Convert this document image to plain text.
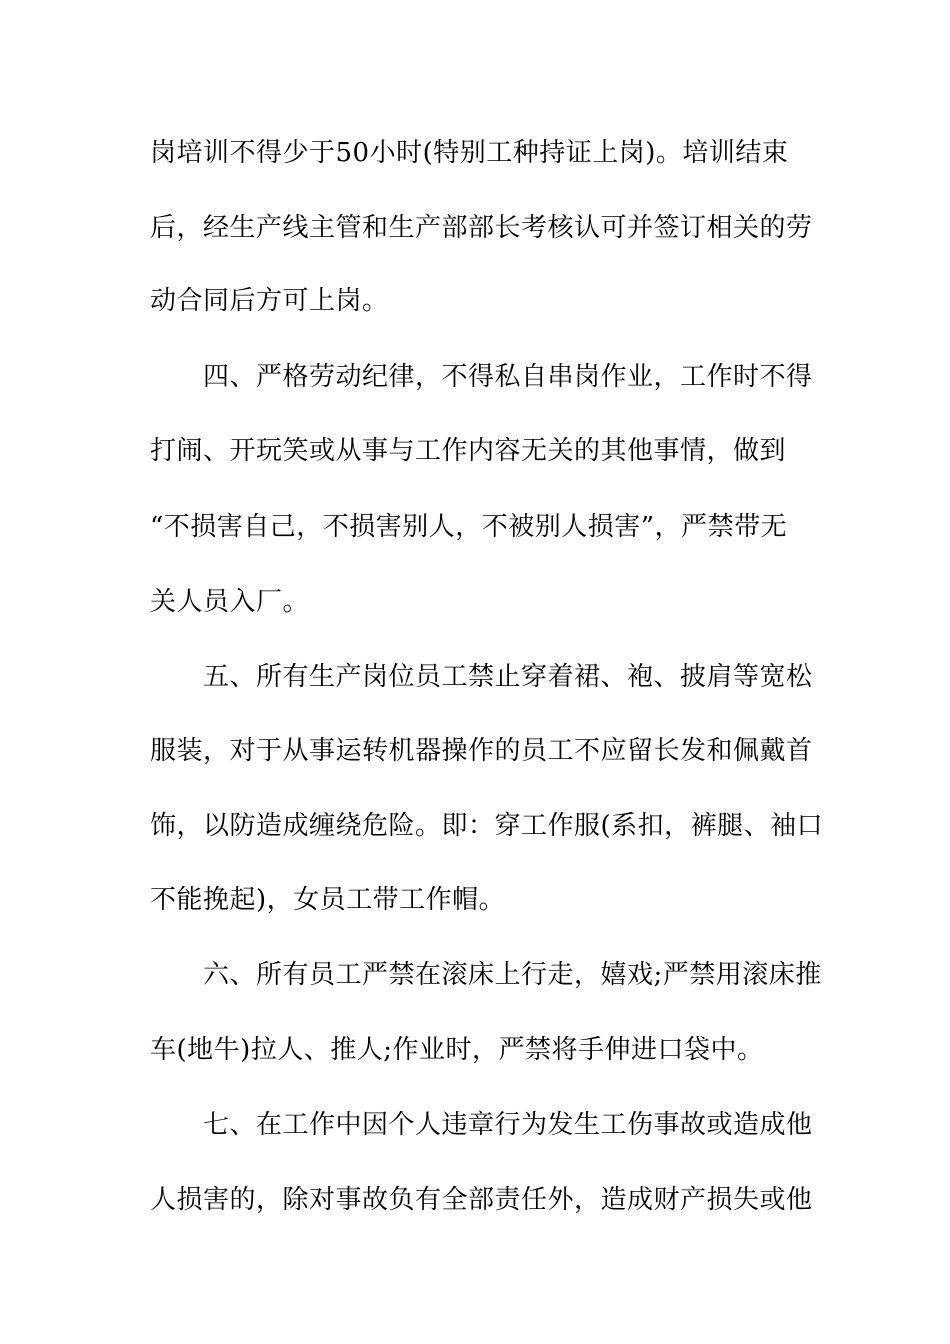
岗培训不得少于50小时(特别工种持证上岗)。培训结束
后，经生产线主管和生产部部长考核认可并签订相关的劳
动合同后方可上岗。
四、严格劳动纪律，不得私自串岗作业，工作时不得
打闹、开玩笑或从事与工作内容无关的其他事情，做到
“不损害自己，不损害别人，不被别人损害”，严禁带无
关人员入厂。
五、所有生产岗位员工禁止穿着裙、袍、披肩等宽松
服装，对于从事运转机器操作的员工不应留长发和佩戴首
饰，以防造成缠绕危险。即：穿工作服(系扣，裤腿、袖口
不能挽起)，女员工带工作帽。
六、所有员工严禁在滚床上行走，嬉戏;严禁用滚床推
车(地牛)拉人、推人;作业时，严禁将手伸进口袋中。
七、在工作中因个人违章行为发生工伤事故或造成他
人损害的，除对事故负有全部责任外，造成财产损失或他
